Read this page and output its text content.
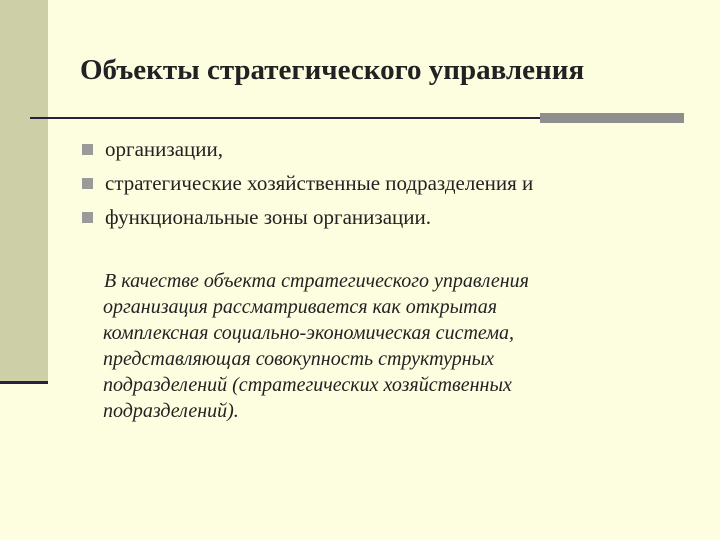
Объекты стратегического управления
организации,
стратегические хозяйственные подразделения и
функциональные зоны организации.

В качестве объекта стратегического управления
организация рассматривается как открытая
комплексная социально-экономическая система,
представляющая совокупность структурных
подразделений (стратегических хозяйственных
подразделений).
